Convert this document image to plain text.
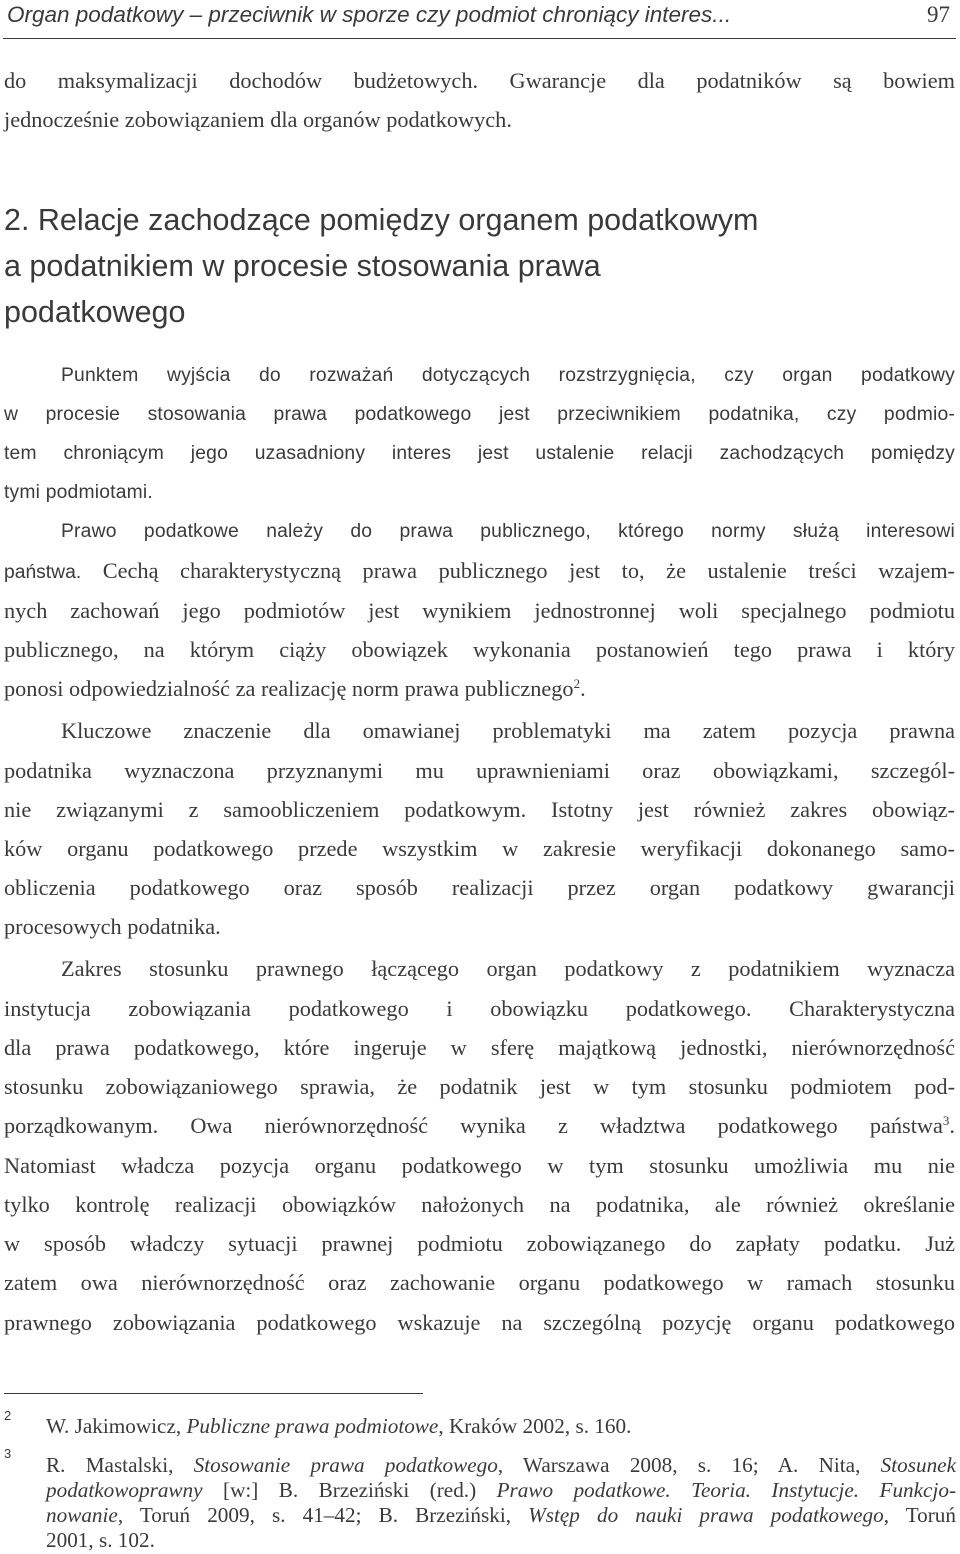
Organ podatkowy – przeciwnik w sporze czy podmiot chroniący interes...	97
do maksymalizacji dochodów budżetowych. Gwarancje dla podatników są bowiem
jednocześnie zobowiązaniem dla organów podatkowych.
2. Relacje zachodzące pomiędzy organem podatkowym
a podatnikiem w procesie stosowania prawa
podatkowego
Punktem wyjścia do rozważań dotyczących rozstrzygnięcia, czy organ podatkowy
w procesie stosowania prawa podatkowego jest przeciwnikiem podatnika, czy podmio-
tem chroniącym jego uzasadniony interes jest ustalenie relacji zachodzących pomiędzy
tymi podmiotami.
Prawo podatkowe należy do prawa publicznego, którego normy służą interesowi
państwa. Cechą charakterystyczną prawa publicznego jest to, że ustalenie treści wzajem-
nych zachowań jego podmiotów jest wynikiem jednostronnej woli specjalnego podmiotu
publicznego, na którym ciąży obowiązek wykonania postanowień tego prawa i który
ponosi odpowiedzialność za realizację norm prawa publicznego$^2$.
Kluczowe znaczenie dla omawianej problematyki ma zatem pozycja prawna
podatnika wyznaczona przyznanymi mu uprawnieniami oraz obowiązkami, szczegól-
nie związanymi z samoobliczeniem podatkowym. Istotny jest również zakres obowiąz-
ków organu podatkowego przede wszystkim w zakresie weryfikacji dokonanego samo-
obliczenia podatkowego oraz sposób realizacji przez organ podatkowy gwarancji
procesowych podatnika.
Zakres stosunku prawnego łączącego organ podatkowy z podatnikiem wyznacza
instytucja zobowiązania podatkowego i obowiązku podatkowego. Charakterystyczna
dla prawa podatkowego, które ingeruje w sferę majątkową jednostki, nierównorzędność
stosunku zobowiązaniowego sprawia, że podatnik jest w tym stosunku podmiotem pod-
porządkowanym. Owa nierównorzędność wynika z władztwa podatkowego państwa$^3$.
Natomiast władcza pozycja organu podatkowego w tym stosunku umożliwia mu nie
tylko kontrolę realizacji obowiązków nałożonych na podatnika, ale również określanie
w sposób władczy sytuacji prawnej podmiotu zobowiązanego do zapłaty podatku. Już
zatem owa nierównorzędność oraz zachowanie organu podatkowego w ramach stosunku
prawnego zobowiązania podatkowego wskazuje na szczególną pozycję organu podatkowego
2 W. Jakimowicz, Publiczne prawa podmiotowe, Kraków 2002, s. 160.
3 R. Mastalski, Stosowanie prawa podatkowego, Warszawa 2008, s. 16; A. Nita, Stosunek
podatkowoprawny [w:] B. Brzeziński (red.) Prawo podatkowe. Teoria. Instytucje. Funkcjo-
nowanie, Toruń 2009, s. 41–42; B. Brzeziński, Wstęp do nauki prawa podatkowego, Toruń
2001, s. 102.
